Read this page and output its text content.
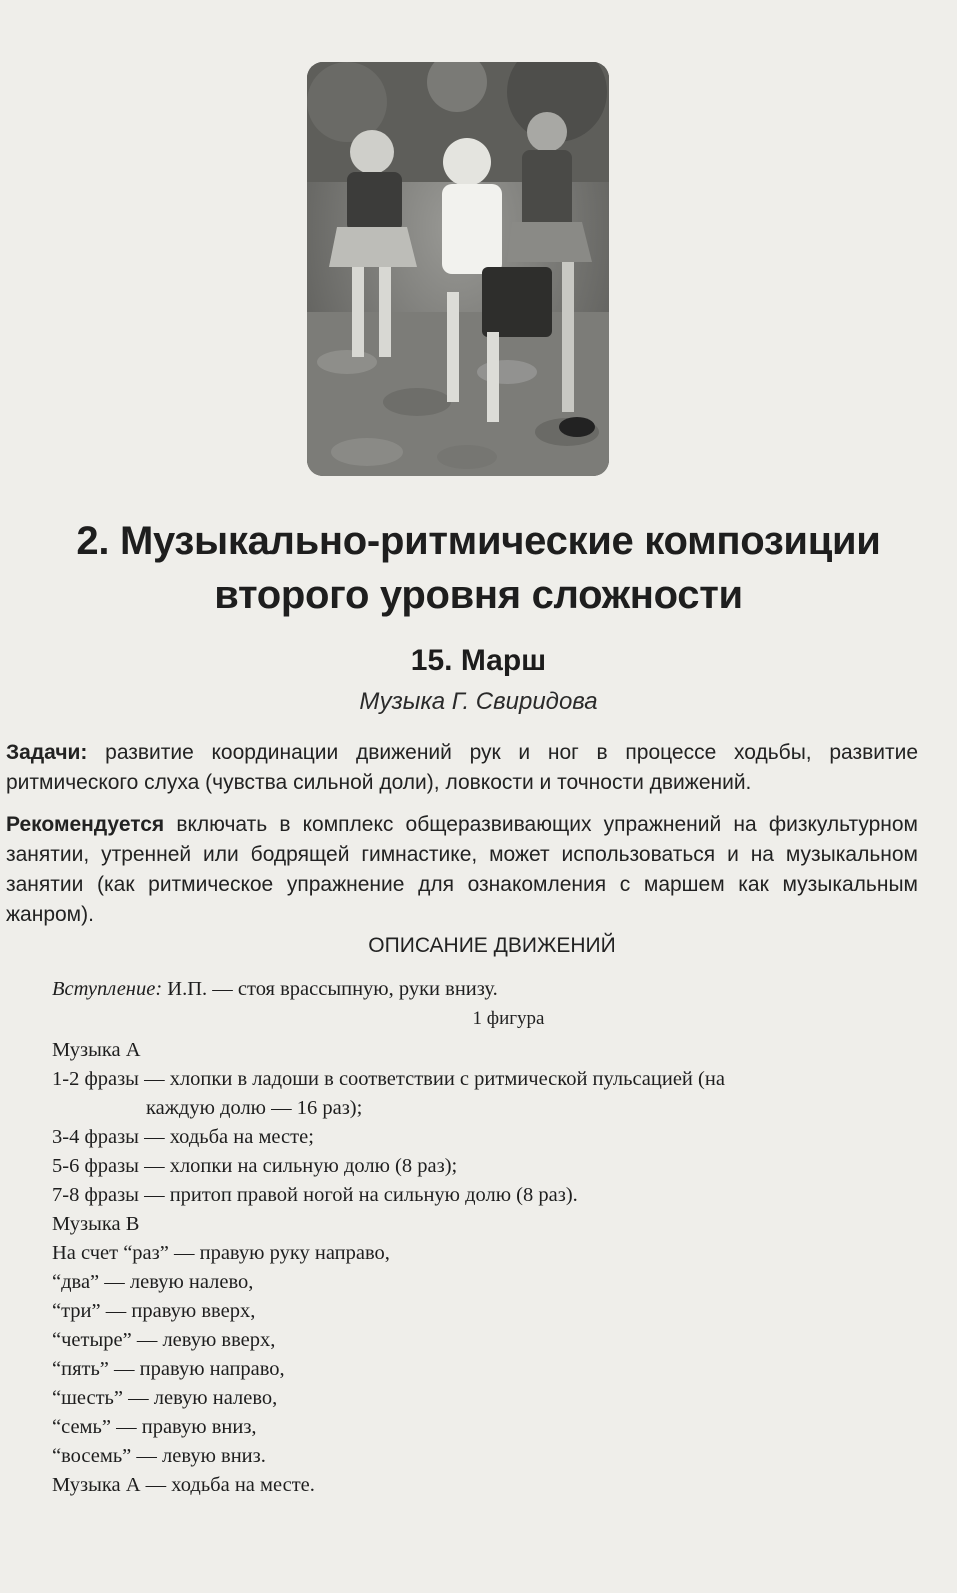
2. Музыкально-ритмические композиции
второго уровня сложности
15. Марш
Музыка Г. Свиридова
Задачи: развитие координации движений рук и ног в процессе ходьбы, развитие ритмического слуха (чувства сильной доли), ловкости и точности движений.
Рекомендуется включать в комплекс общеразвивающих упражнений на физкультурном занятии, утренней или бодрящей гимнастике, может использоваться и на музыкальном занятии (как ритмическое упражнение для ознакомления с маршем как музыкальным жанром).
ОПИСАНИЕ ДВИЖЕНИЙ
Вступление: И.П. — стоя врассыпную, руки внизу.
1 фигура
Музыка А
1-2 фразы — хлопки в ладоши в соответствии с ритмической пульсацией (на
каждую долю — 16 раз);
3-4 фразы — ходьба на месте;
5-6 фразы — хлопки на сильную долю (8 раз);
7-8 фразы — притоп правой ногой на сильную долю (8 раз).
Музыка В
На счет “раз” — правую руку направо,
“два” — левую налево,
“три” — правую вверх,
“четыре” — левую вверх,
“пять” — правую направо,
“шесть” — левую налево,
“семь” — правую вниз,
“восемь” — левую вниз.
Музыка А — ходьба на месте.
